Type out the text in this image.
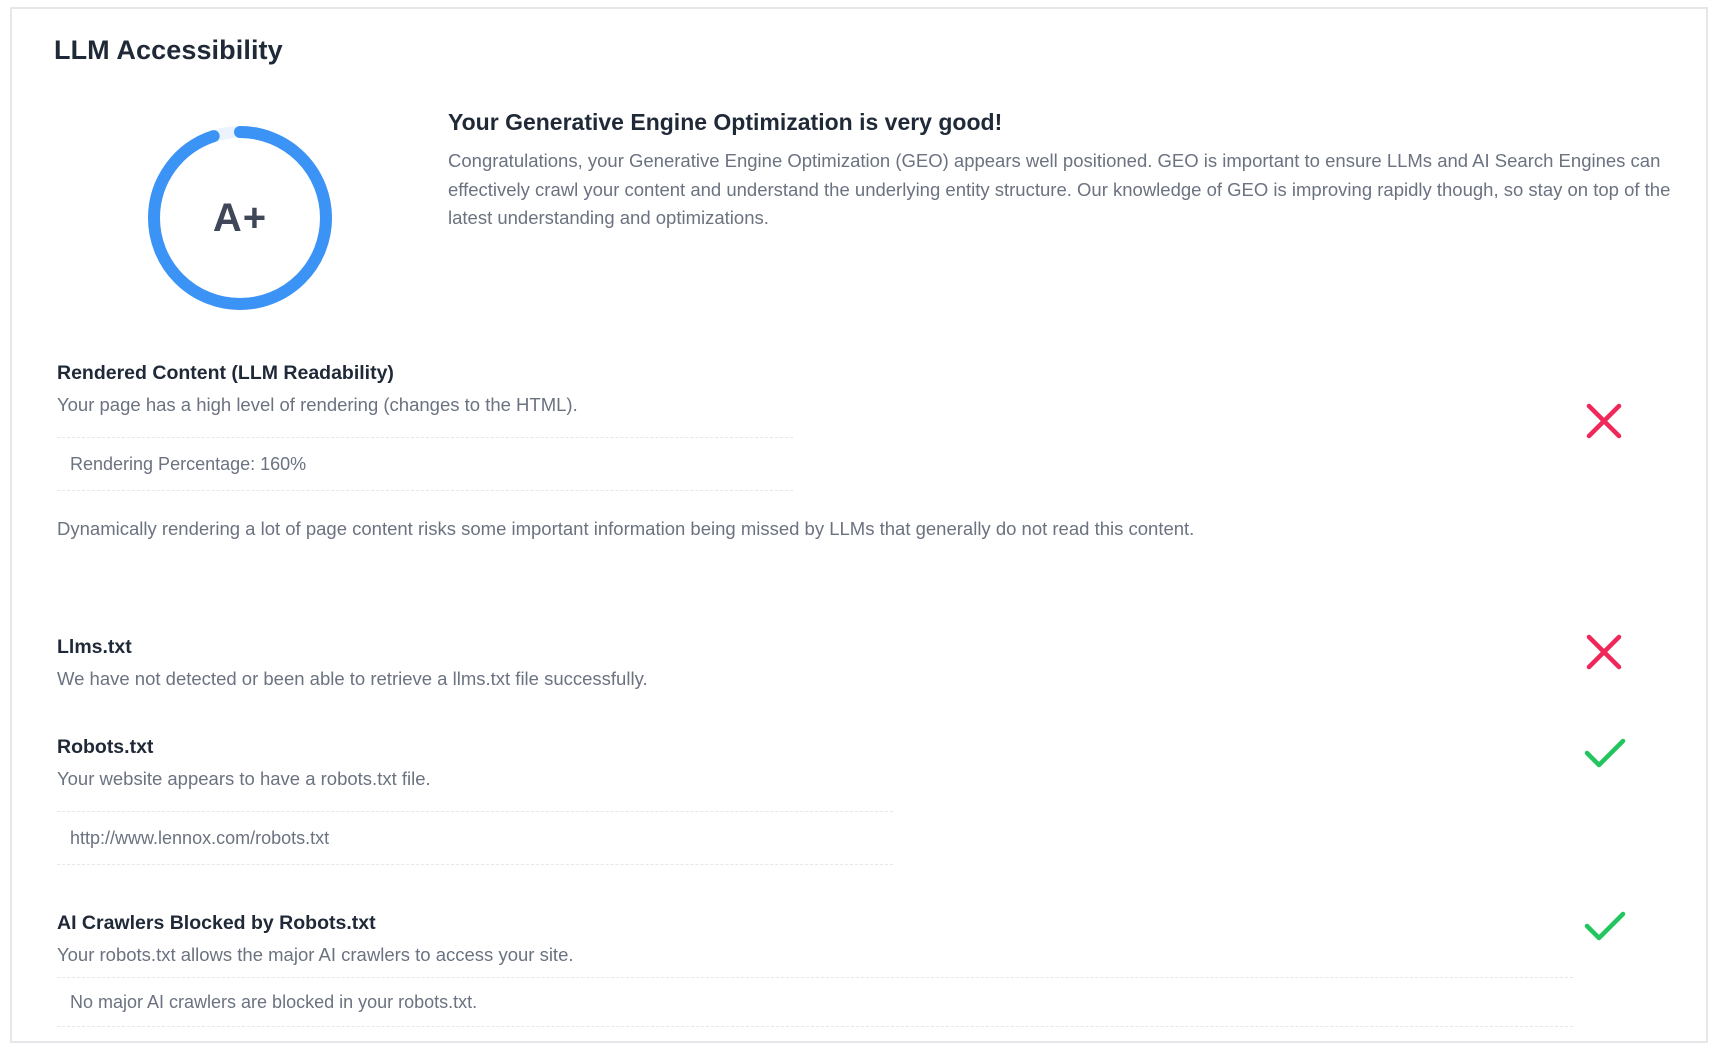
LLM Accessibility
A+
Your Generative Engine Optimization is very good!

Congratulations, your Generative Engine Optimization (GEO) appears well positioned. GEO is important to ensure LLMs and AI Search Engines can effectively crawl your content and understand the underlying entity structure. Our knowledge of GEO is improving rapidly though, so stay on top of the latest understanding and optimizations.

Rendered Content (LLM Readability)

Your page has a high level of rendering (changes to the HTML).

Rendering Percentage: 160%

Dynamically rendering a lot of page content risks some important information being missed by LLMs that generally do not read this content.

Llms.txt

We have not detected or been able to retrieve a llms.txt file successfully.

Robots.txt

Your website appears to have a robots.txt file.

http://www.lennox.com/robots.txt
AI Crawlers Blocked by Robots.txt

Your robots.txt allows the major AI crawlers to access your site.

No major AI crawlers are blocked in your robots.txt.
